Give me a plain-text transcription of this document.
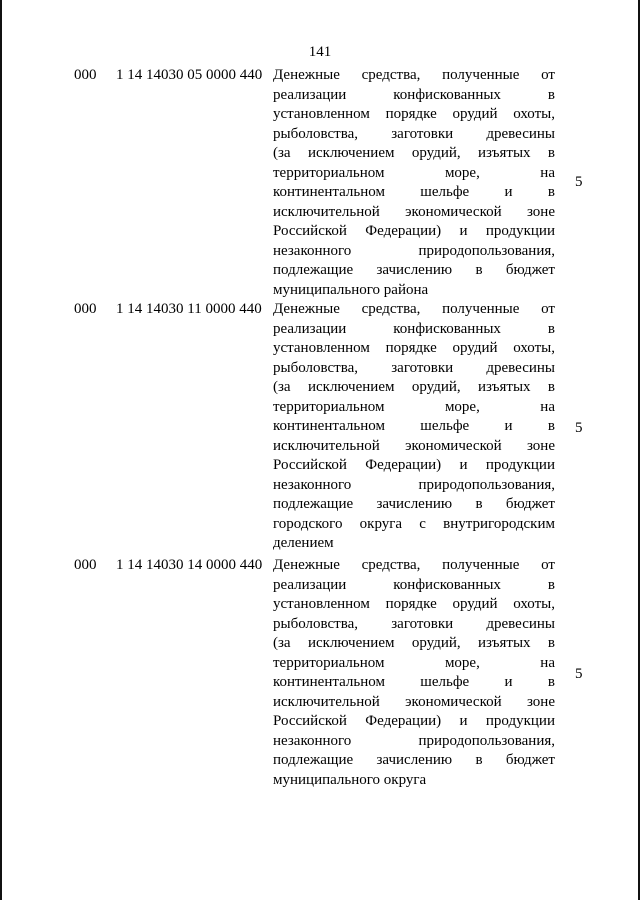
141
000 1 14 14030 05 0000 440 Денежные средства, полученные от
реализации конфискованных в
установленном порядке орудий охоты,
рыболовства, заготовки древесины
(за исключением орудий, изъятых в
территориальном море, на
континентальном шельфе и в
исключительной экономической зоне
Российской Федерации) и продукции
незаконного природопользования,
подлежащие зачислению в бюджет
муниципального района
5
000 1 14 14030 11 0000 440 Денежные средства, полученные от
реализации конфискованных в
установленном порядке орудий охоты,
рыболовства, заготовки древесины
(за исключением орудий, изъятых в
территориальном море, на
континентальном шельфе и в
исключительной экономической зоне
Российской Федерации) и продукции
незаконного природопользования,
подлежащие зачислению в бюджет
городского округа с внутригородским
делением
5
000 1 14 14030 14 0000 440 Денежные средства, полученные от
реализации конфискованных в
установленном порядке орудий охоты,
рыболовства, заготовки древесины
(за исключением орудий, изъятых в
территориальном море, на
континентальном шельфе и в
исключительной экономической зоне
Российской Федерации) и продукции
незаконного природопользования,
подлежащие зачислению в бюджет
муниципального округа
5
